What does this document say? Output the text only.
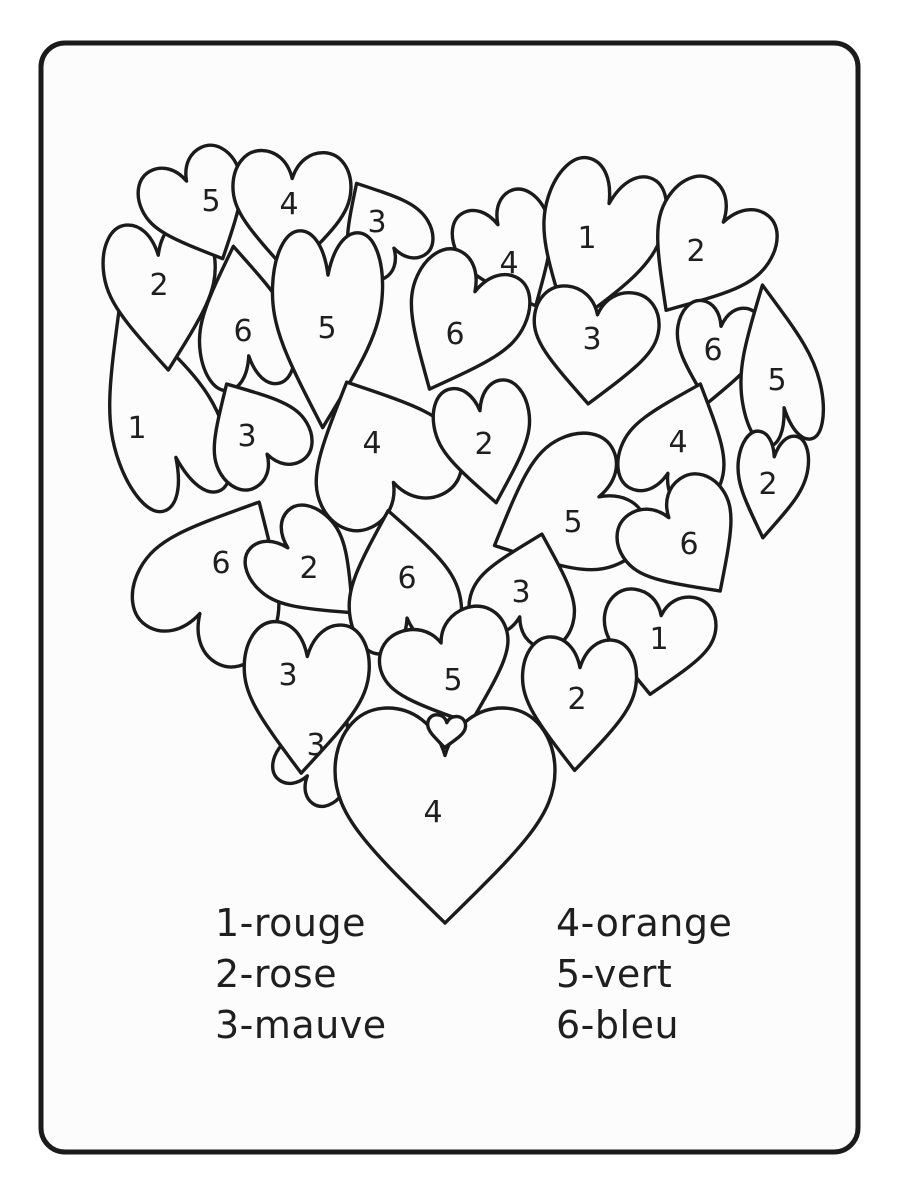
3
1
2
5 4
3
6 5
4
1	2
6	3	6
5
3	4	2	4
2
6 2	6
5
6
3
1
3	5
2
4
1-rouge
2-rose
3-mauve
4-orange
5-vert
6-bleu
